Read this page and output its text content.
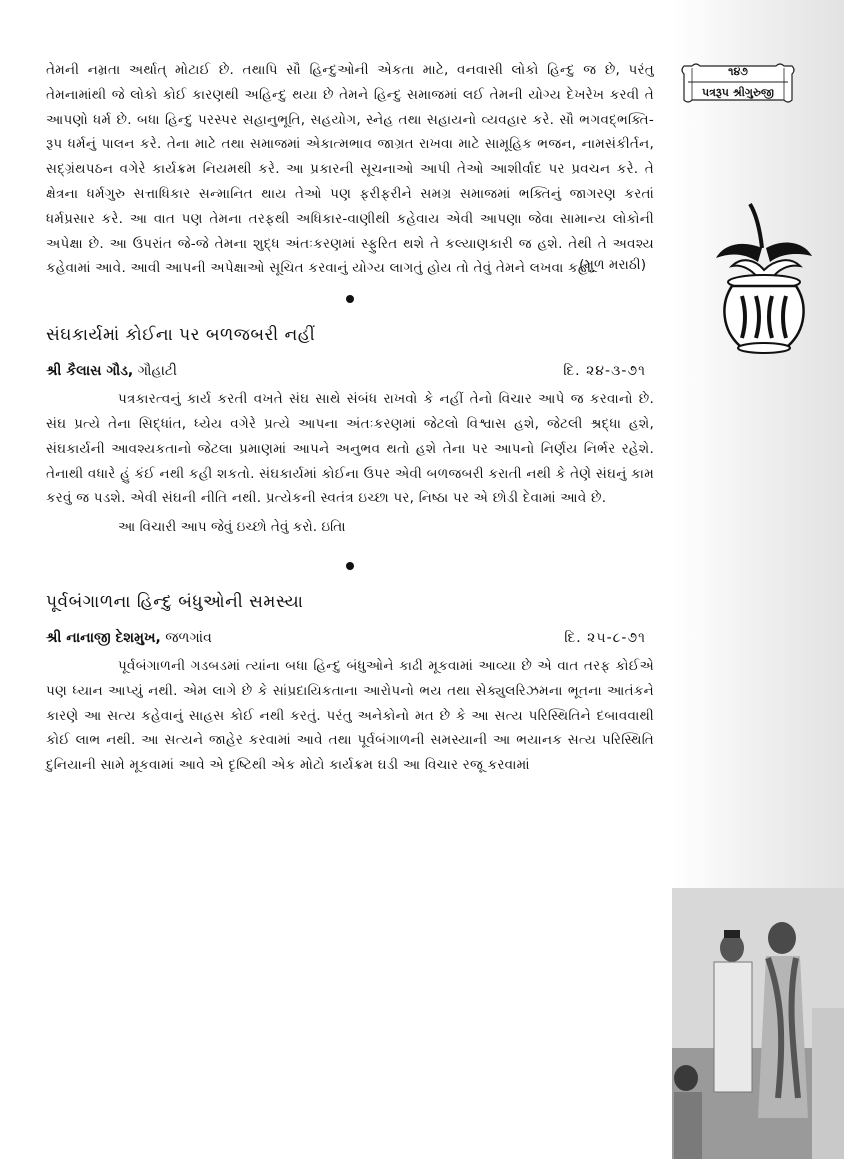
૧૪૭
પત્રરૂપ શ્રીગુરુજી

તેમની નમ્રતા અર્થાત્ મોટાઈ છે. તથાપિ સૌ હિન્દુઓની એકતા માટે, વનવાસી લોકો હિન્દુ જ છે, પરંતુ તેમનામાંથી જે લોકો કોઈ કારણથી અહિન્દુ થયા છે તેમને હિન્દુ સમાજમાં લઈ તેમની યોગ્ય દેખરેખ કરવી તે આપણો ધર્મ છે. બધા હિન્દુ પરસ્પર સહાનુભૂતિ, સહયોગ, સ્નેહ તથા સહાયનો વ્યવહાર કરે. સૌ ભગવદ્ભક્તિ-રૂપ ધર્મનું પાલન કરે. તેના માટે તથા સમાજમાં એકાત્મભાવ જાગ્રત રાખવા માટે સામૂહિક ભજન, નામસંકીર્તન, સદ્ગ્રંથપઠન વગેરે કાર્યક્રમ નિયમથી કરે. આ પ્રકારની સૂચનાઓ આપી તેઓ આશીર્વાદ પર પ્રવચન કરે. તે ક્ષેત્રના ધર્મગુરુ સત્તાધિકાર સન્માનિત થાય તેઓ પણ ફરીફરીને સમગ્ર સમાજમાં ભક્તિનું જાગરણ કરતાં ધર્મપ્રસાર કરે. આ વાત પણ તેમના તરફથી અધિકાર-વાણીથી કહેવાય એવી આપણા જેવા સામાન્ય લોકોની અપેક્ષા છે. આ ઉપરાંત જે-જે તેમના શુદ્ધ અંતઃકરણમાં સ્ફુરિત થશે તે કલ્યાણકારી જ હશે. તેથી તે અવશ્ય કહેવામાં આવે. આવી આપની અપેક્ષાઓ સૂચિત કરવાનું યોગ્ય લાગતું હોય તો તેવું તેમને લખવા કહો.

(મૂળ મરાઠી)
સંઘકાર્યમાં કોઈના પર બળજબરી નહીં
શ્રી કૈલાસ ગૌડ, ગૌહાટી	દિ. ૨૪-૩-૭૧

પત્રકારત્વનું કાર્ય કરતી વખતે સંઘ સાથે સંબંધ રાખવો કે નહીં તેનો વિચાર આપે જ કરવાનો છે. સંઘ પ્રત્યે તેના સિદ્ધાંત, ધ્યેય વગેરે પ્રત્યે આપના અંતઃકરણમાં જેટલો વિશ્વાસ હશે, જેટલી શ્રદ્ધા હશે, સંઘકાર્યની આવશ્યકતાનો જેટલા પ્રમાણમાં આપને અનુભવ થતો હશે તેના પર આપનો નિર્ણય નિર્ભર રહેશે. તેનાથી વધારે હું કંઈ નથી કહી શકતો. સંઘકાર્યમાં કોઈના ઉપર એવી બળજબરી કરાતી નથી કે તેણે સંઘનું કામ કરવું જ પડશે. એવી સંઘની નીતિ નથી. પ્રત્યેકની સ્વતંત્ર ઇચ્છા પર, નિષ્ઠા પર એ છોડી દેવામાં આવે છે.

આ વિચારી આપ જેવું ઇચ્છો તેવું કરો. ઇતિ।

પૂર્વબંગાળના હિન્દુ બંધુઓની સમસ્યા
શ્રી નાનાજી દેશમુખ, જળગાંવ	દિ. ૨૫-૮-૭૧

પૂર્વબંગાળની ગડબડમાં ત્યાંના બધા હિન્દુ બંધુઓને કાઢી મૂકવામાં આવ્યા છે એ વાત તરફ કોઈએ પણ ધ્યાન આપ્યું નથી. એમ લાગે છે કે સાંપ્રદાયિકતાના આરોપનો ભય તથા સેક્યુલરિઝમના ભૂતના આતંકને કારણે આ સત્ય કહેવાનું સાહસ કોઈ નથી કરતું. પરંતુ અનેકોનો મત છે કે આ સત્ય પરિસ્થિતિને દબાવવાથી કોઈ લાભ નથી. આ સત્યને જાહેર કરવામાં આવે તથા પૂર્વબંગાળની સમસ્યાની આ ભયાનક સત્ય પરિસ્થિતિ દુનિયાની સામે મૂકવામાં આવે એ દૃષ્ટિથી એક મોટો કાર્યક્રમ ઘડી આ વિચાર રજૂ કરવામાં
